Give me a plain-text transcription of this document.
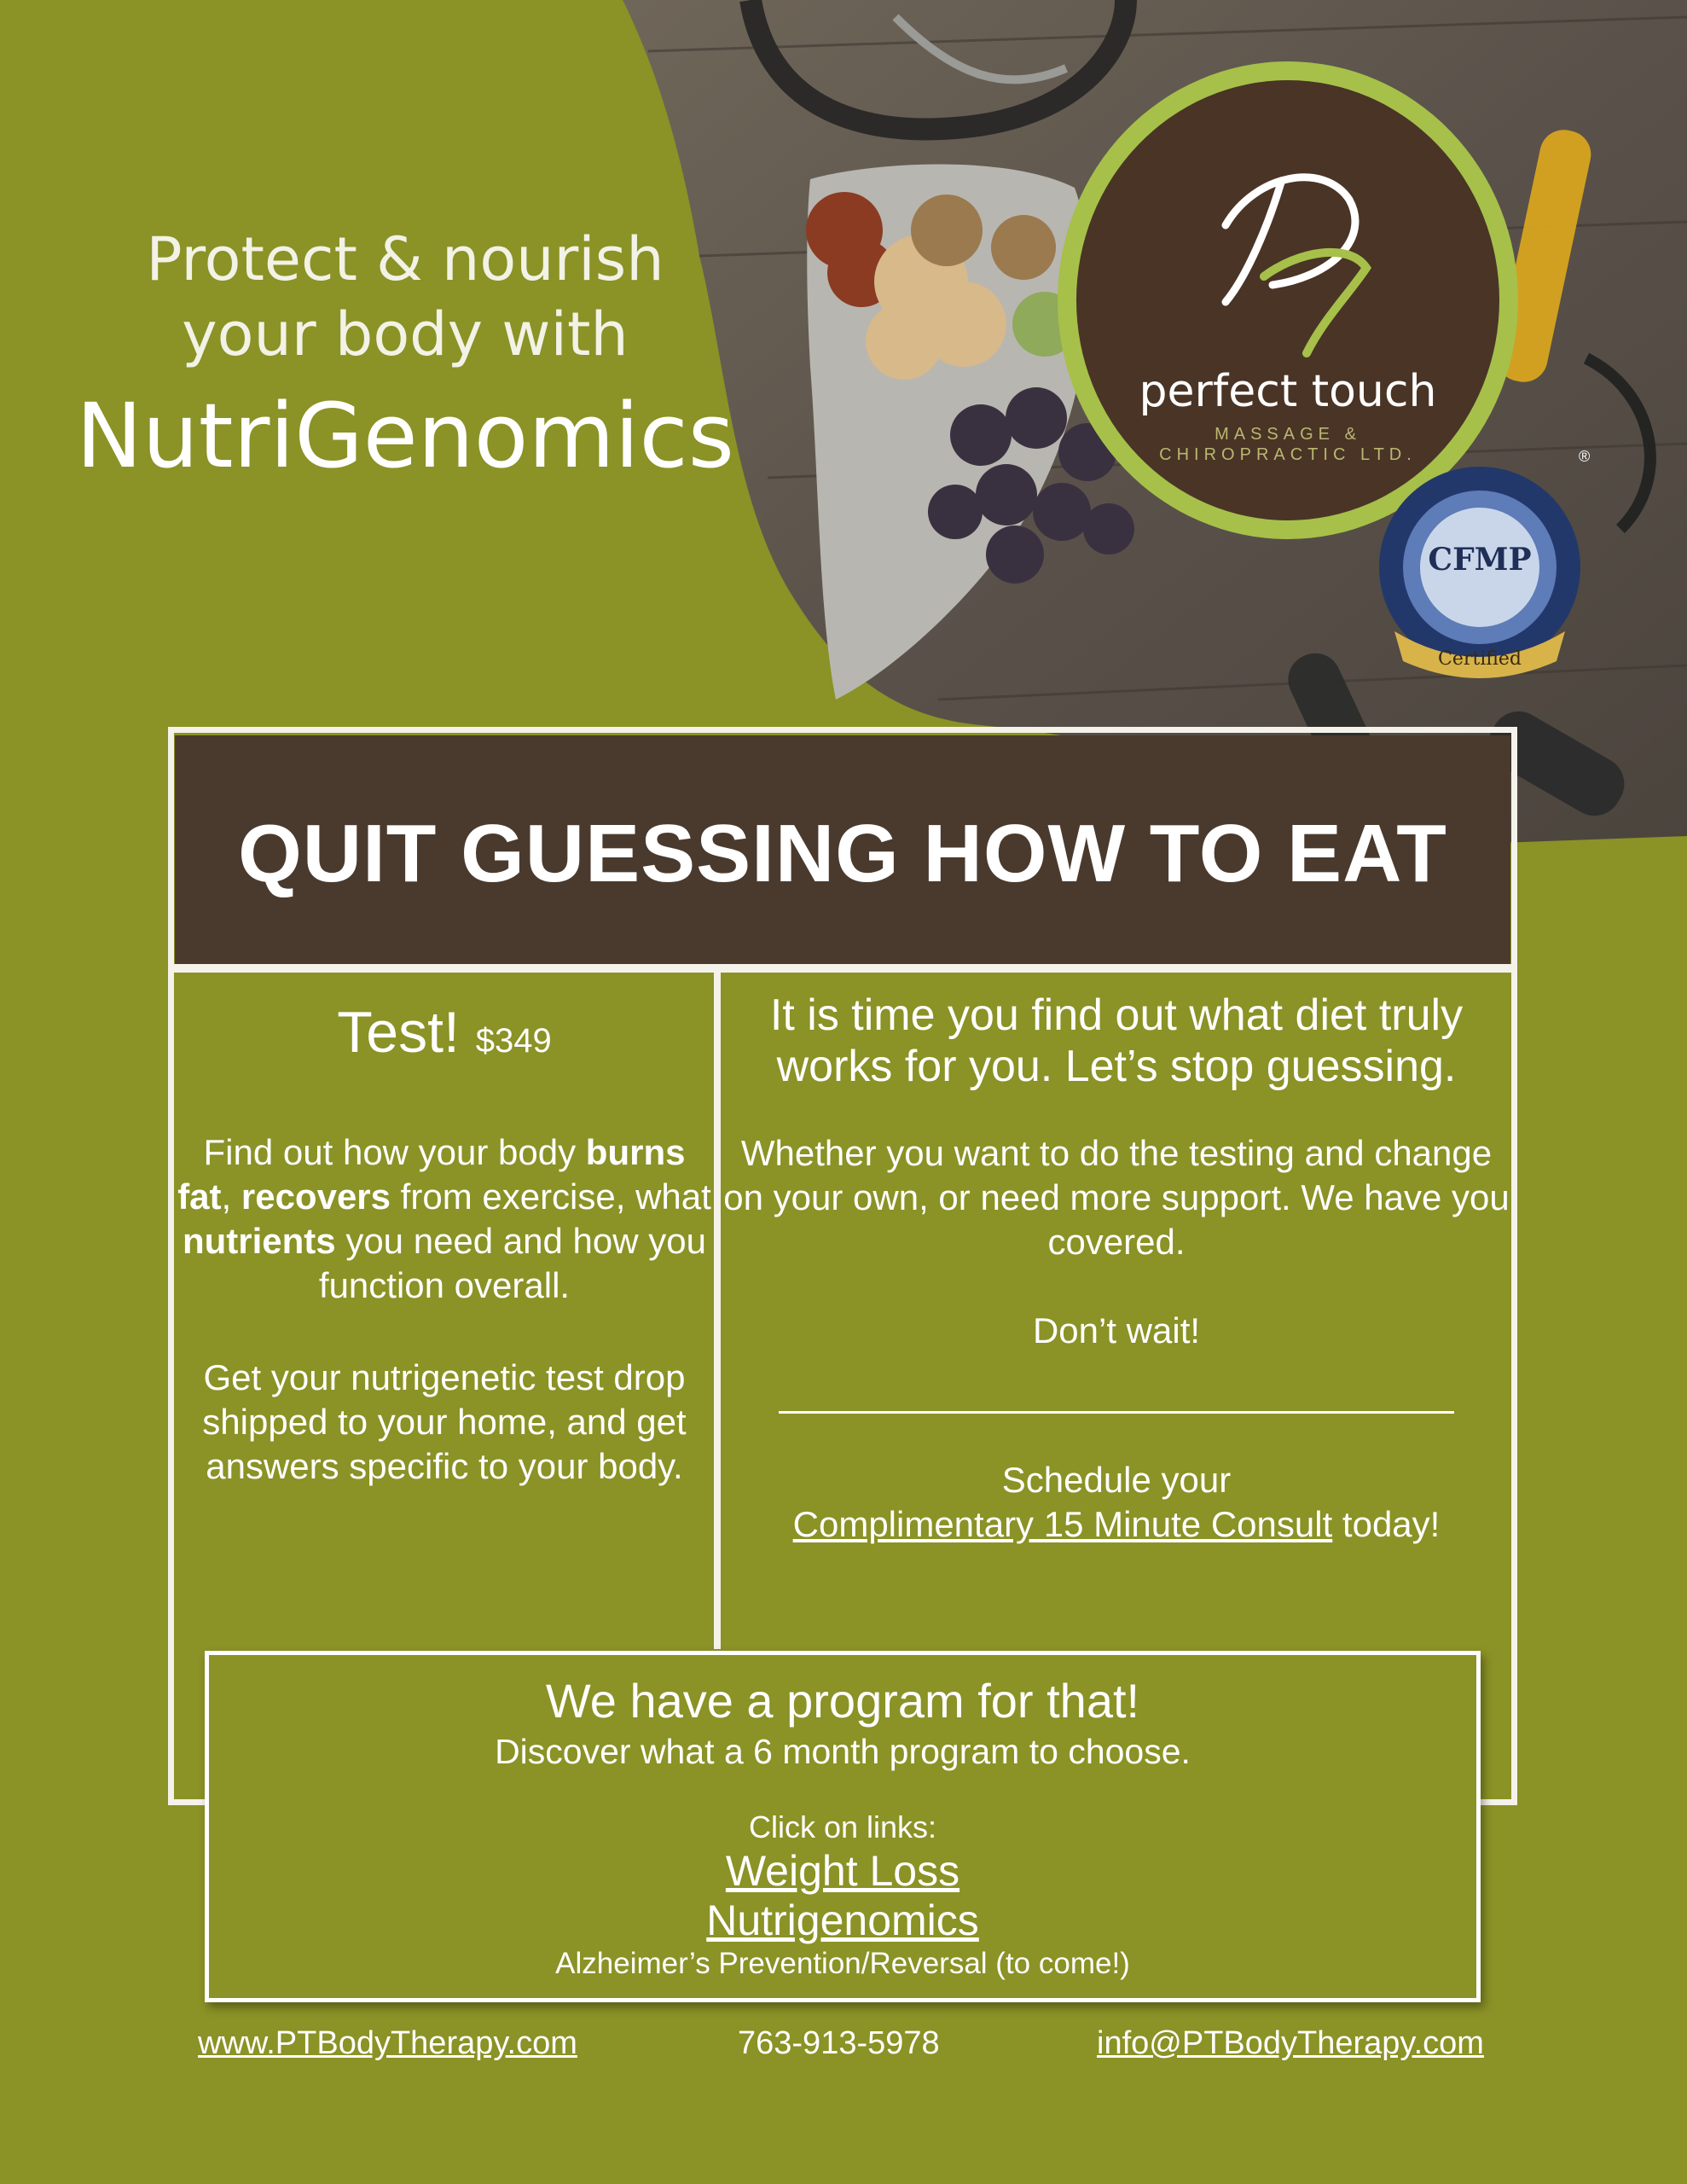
Protect & nourish
your body with
NutriGenomics	perfect touch
MASSAGE &
CHIROPRACTIC LTD.
CFMP
Certified
®
QUIT GUESSING HOW TO EAT
Test! $349

Find out how your body burns fat, recovers from exercise, what nutrients you need and how you function overall.

Get your nutrigenetic test drop shipped to your home, and get answers specific to your body.

It is time you find out what diet truly works for you. Let’s stop guessing.

Whether you want to do the testing and change on your own, or need more support. We have you covered.

Don’t wait!

Schedule your

Complimentary 15 Minute Consult today!

We have a program for that!
Discover what a 6 month program to choose.
Click on links:
Weight Loss
Nutrigenomics
Alzheimer’s Prevention/Reversal (to come!)
www.PTBodyTherapy.com	763-913-5978	info@PTBodyTherapy.com
